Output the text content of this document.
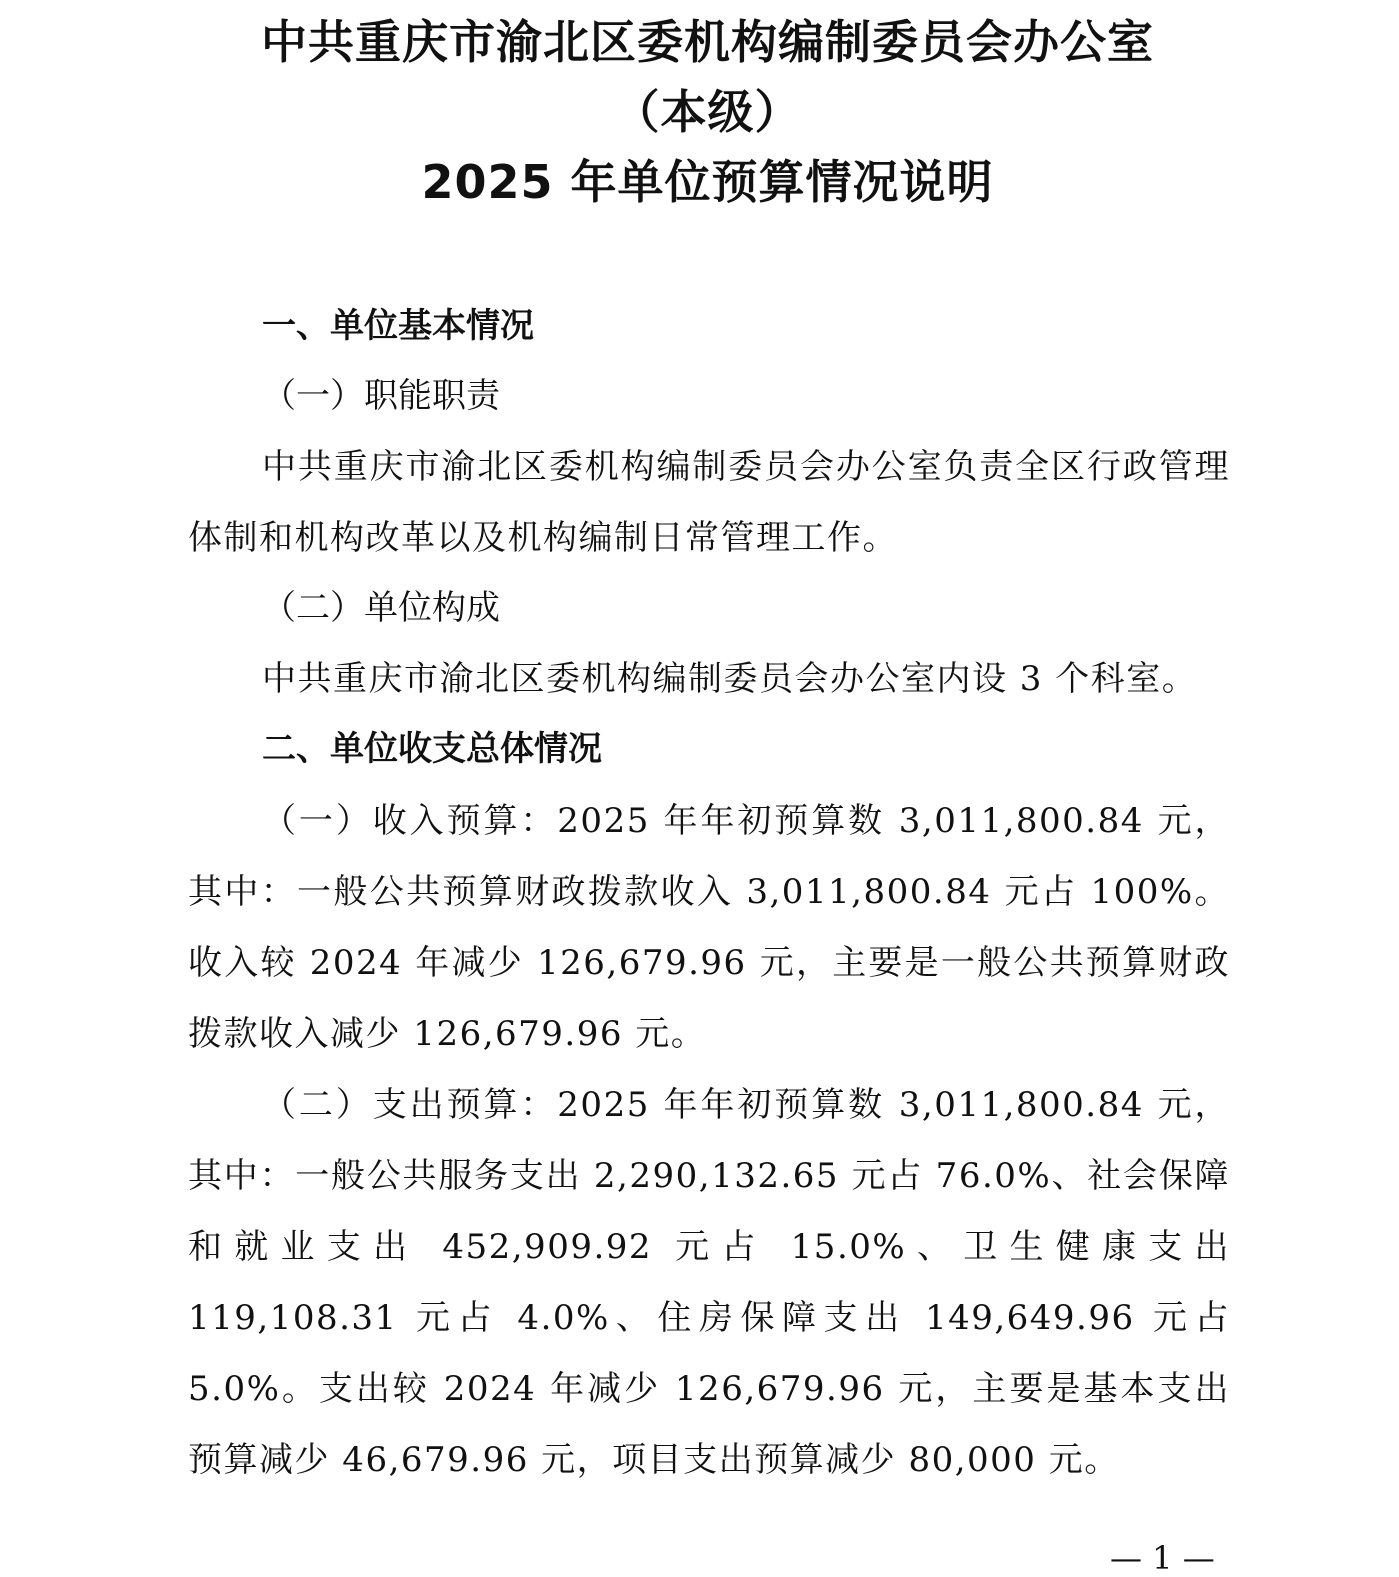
中共重庆市渝北区委机构编制委员会办公室
（本级）
2025 年单位预算情况说明
一、单位基本情况
（一）职能职责
中共重庆市渝北区委机构编制委员会办公室负责全区行政管理体制和机构改革以及机构编制日常管理工作。
（二）单位构成
中共重庆市渝北区委机构编制委员会办公室内设 3 个科室。
二、单位收支总体情况
（一）收入预算：2025 年年初预算数 3,011,800.84 元，其中：一般公共预算财政拨款收入 3,011,800.84 元占 100%。收入较 2024 年减少 126,679.96 元，主要是一般公共预算财政拨款收入减少 126,679.96 元。
（二）支出预算：2025 年年初预算数 3,011,800.84 元，其中：一般公共服务支出 2,290,132.65 元占 76.0%、社会保障和就业支出 452,909.92 元占 15.0%、卫生健康支出 119,108.31 元占 4.0%、住房保障支出 149,649.96 元占 5.0%。支出较 2024 年减少 126,679.96 元，主要是基本支出预算减少 46,679.96 元，项目支出预算减少 80,000 元。
— 1 —
